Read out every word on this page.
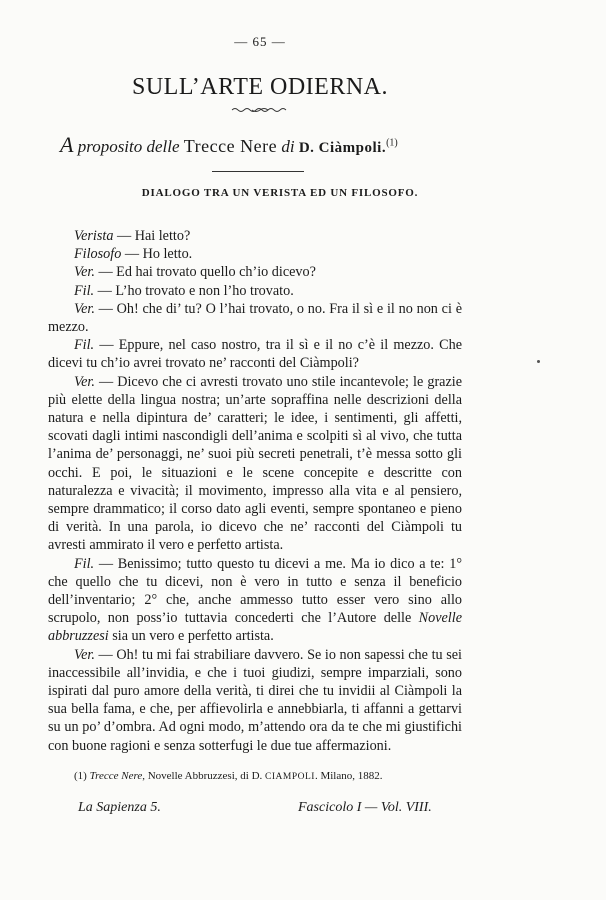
— 65 —
SULL’ARTE ODIERNA.
A proposito delle Trecce Nere di D. Ciàmpoli.$^{(1)}$
DIALOGO TRA UN VERISTA ED UN FILOSOFO.

Verista — Hai letto?

Filosofo — Ho letto.

Ver. — Ed hai trovato quello ch’io dicevo?

Fil. — L’ho trovato e non l’ho trovato.

Ver. — Oh! che di’ tu? O l’hai trovato, o no. Fra il sì e il no non ci è mezzo.

Fil. — Eppure, nel caso nostro, tra il sì e il no c’è il mezzo. Che dicevi tu ch’io avrei trovato ne’ racconti del Ciàmpoli?

Ver. — Dicevo che ci avresti trovato uno stile incantevole; le grazie più elette della lingua nostra; un’arte sopraffina nelle descrizioni della natura e nella dipintura de’ caratteri; le idee, i sentimenti, gli affetti, scovati dagli intimi nascondigli dell’anima e scolpiti sì al vivo, che tutta l’anima de’ personaggi, ne’ suoi più secreti penetrali, t’è messa sotto gli occhi. E poi, le situazioni e le scene concepite e descritte con naturalezza e vivacità; il movimento, impresso alla vita e al pensiero, sempre drammatico; il corso dato agli eventi, sempre spontaneo e pieno di verità. In una parola, io dicevo che ne’ racconti del Ciàmpoli tu avresti ammirato il vero e perfetto artista.

Fil. — Benissimo; tutto questo tu dicevi a me. Ma io dico a te: 1° che quello che tu dicevi, non è vero in tutto e senza il beneficio dell’inventario; 2° che, anche ammesso tutto esser vero sino allo scrupolo, non poss’io tuttavia concederti che l’Autore delle Novelle abbruzzesi sia un vero e perfetto artista.

Ver. — Oh! tu mi fai strabiliare davvero. Se io non sapessi che tu sei inaccessibile all’invidia, e che i tuoi giudizi, sempre imparziali, sono ispirati dal puro amore della verità, ti direi che tu invidii al Ciàmpoli la sua bella fama, e che, per affievolirla e annebbiarla, ti affanni a gettarvi su un po’ d’ombra. Ad ogni modo, m’attendo ora da te che mi giustifichi con buone ragioni e senza sotterfugi le due tue affermazioni.

(1) Trecce Nere, Novelle Abbruzzesi, di D. CIAMPOLI. Milano, 1882.
La Sapienza 5.	Fascicolo I — Vol. VIII.
